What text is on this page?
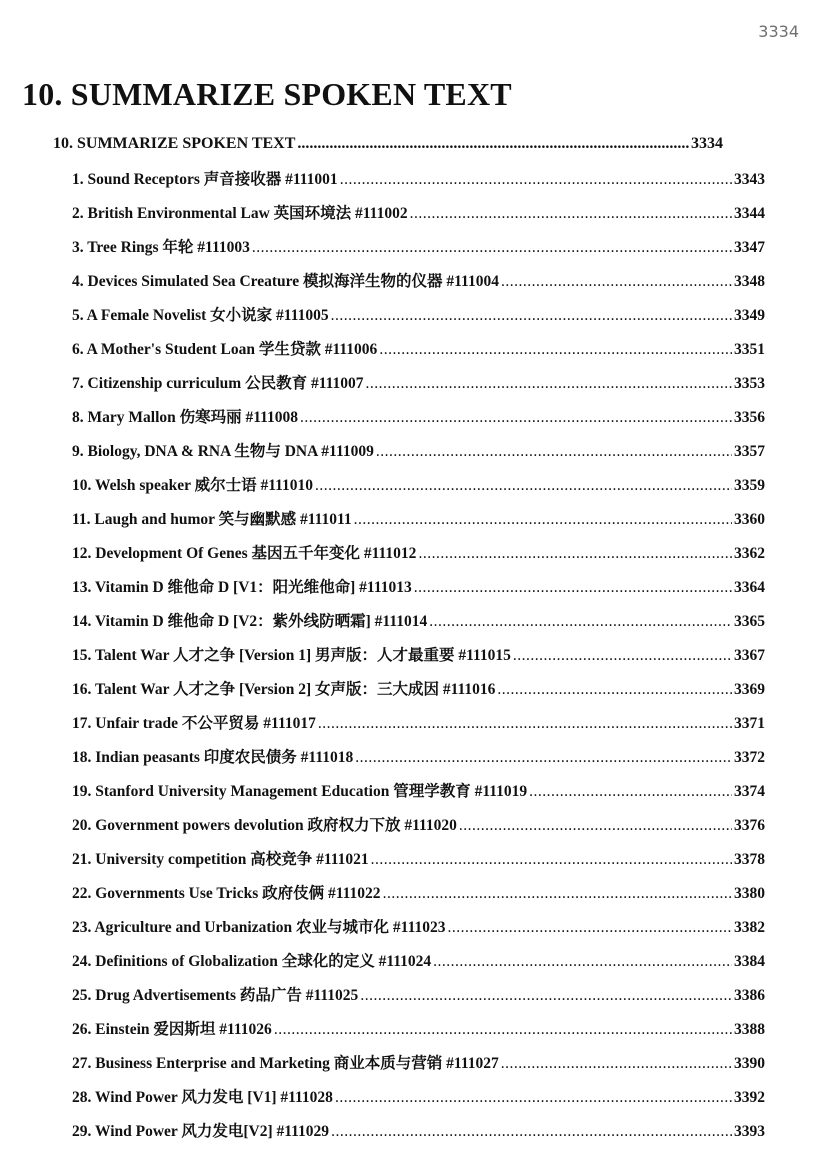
3334
10. SUMMARIZE SPOKEN TEXT
10. SUMMARIZE SPOKEN TEXT .....	3334
1. Sound Receptors 声音接收器 #111001 .....	3343
2. British Environmental Law 英国环境法 #111002 .....	3344
3. Tree Rings 年轮 #111003 .....	3347
4. Devices Simulated Sea Creature 模拟海洋生物的仪器 #111004 .....	3348
5. A Female Novelist 女小说家 #111005 .....	3349
6. A Mother's Student Loan 学生贷款 #111006 .....	3351
7. Citizenship curriculum 公民教育 #111007 .....	3353
8. Mary Mallon 伤寒玛丽 #111008 .....	3356
9. Biology, DNA & RNA 生物与 DNA #111009 .....	3357
10. Welsh speaker 威尔士语 #111010 .....	3359
11. Laugh and humor 笑与幽默感 #111011 .....	3360
12. Development Of Genes 基因五千年变化 #111012 .....	3362
13. Vitamin D 维他命 D [V1：阳光维他命] #111013 .....	3364
14. Vitamin D 维他命 D [V2：紫外线防晒霜] #111014 .....	3365
15. Talent War 人才之争 [Version 1] 男声版：人才最重要 #111015 .....	3367
16. Talent War 人才之争 [Version 2] 女声版：三大成因 #111016 .....	3369
17. Unfair trade 不公平贸易 #111017 .....	3371
18. Indian peasants 印度农民债务 #111018 .....	3372
19. Stanford University Management Education 管理学教育 #111019 .....	3374
20. Government powers devolution 政府权力下放 #111020 .....	3376
21. University competition 高校竞争 #111021 .....	3378
22. Governments Use Tricks 政府伎俩 #111022 .....	3380
23. Agriculture and Urbanization 农业与城市化 #111023 .....	3382
24. Definitions of Globalization 全球化的定义 #111024 .....	3384
25. Drug Advertisements 药品广告 #111025 .....	3386
26. Einstein 爱因斯坦 #111026 .....	3388
27. Business Enterprise and Marketing 商业本质与营销 #111027 .....	3390
28. Wind Power 风力发电 [V1] #111028 .....	3392
29. Wind Power 风力发电[V2] #111029 .....	3393
